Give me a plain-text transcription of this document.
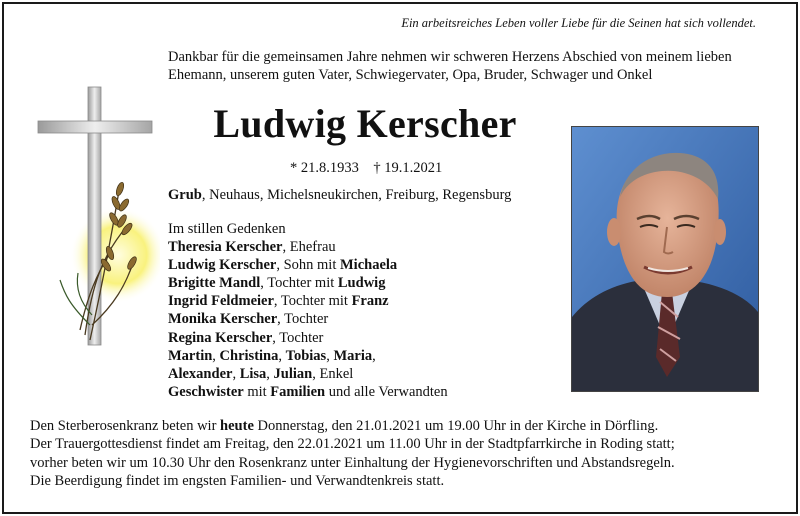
Ein arbeitsreiches Leben voller Liebe für die Seinen hat sich vollendet.
Dankbar für die gemeinsamen Jahre nehmen wir schweren Herzens Abschied von meinem lieben
Ehemann, unserem guten Vater, Schwiegervater, Opa, Bruder, Schwager und Onkel
Ludwig Kerscher
* 21.8.1933 † 19.1.2021
Grub, Neuhaus, Michelsneukirchen, Freiburg, Regensburg
Im stillen Gedenken
Theresia Kerscher, Ehefrau
Ludwig Kerscher, Sohn mit Michaela
Brigitte Mandl, Tochter mit Ludwig
Ingrid Feldmeier, Tochter mit Franz
Monika Kerscher, Tochter
Regina Kerscher, Tochter
Martin, Christina, Tobias, Maria,
Alexander, Lisa, Julian, Enkel
Geschwister mit Familien und alle Verwandten
Den Sterberosenkranz beten wir heute Donnerstag, den 21.01.2021 um 19.00 Uhr in der Kirche in Dörfling.
Der Trauergottesdienst findet am Freitag, den 22.01.2021 um 11.00 Uhr in der Stadtpfarrkirche in Roding statt;
vorher beten wir um 10.30 Uhr den Rosenkranz unter Einhaltung der Hygienevorschriften und Abstandsregeln.
Die Beerdigung findet im engsten Familien- und Verwandtenkreis statt.
